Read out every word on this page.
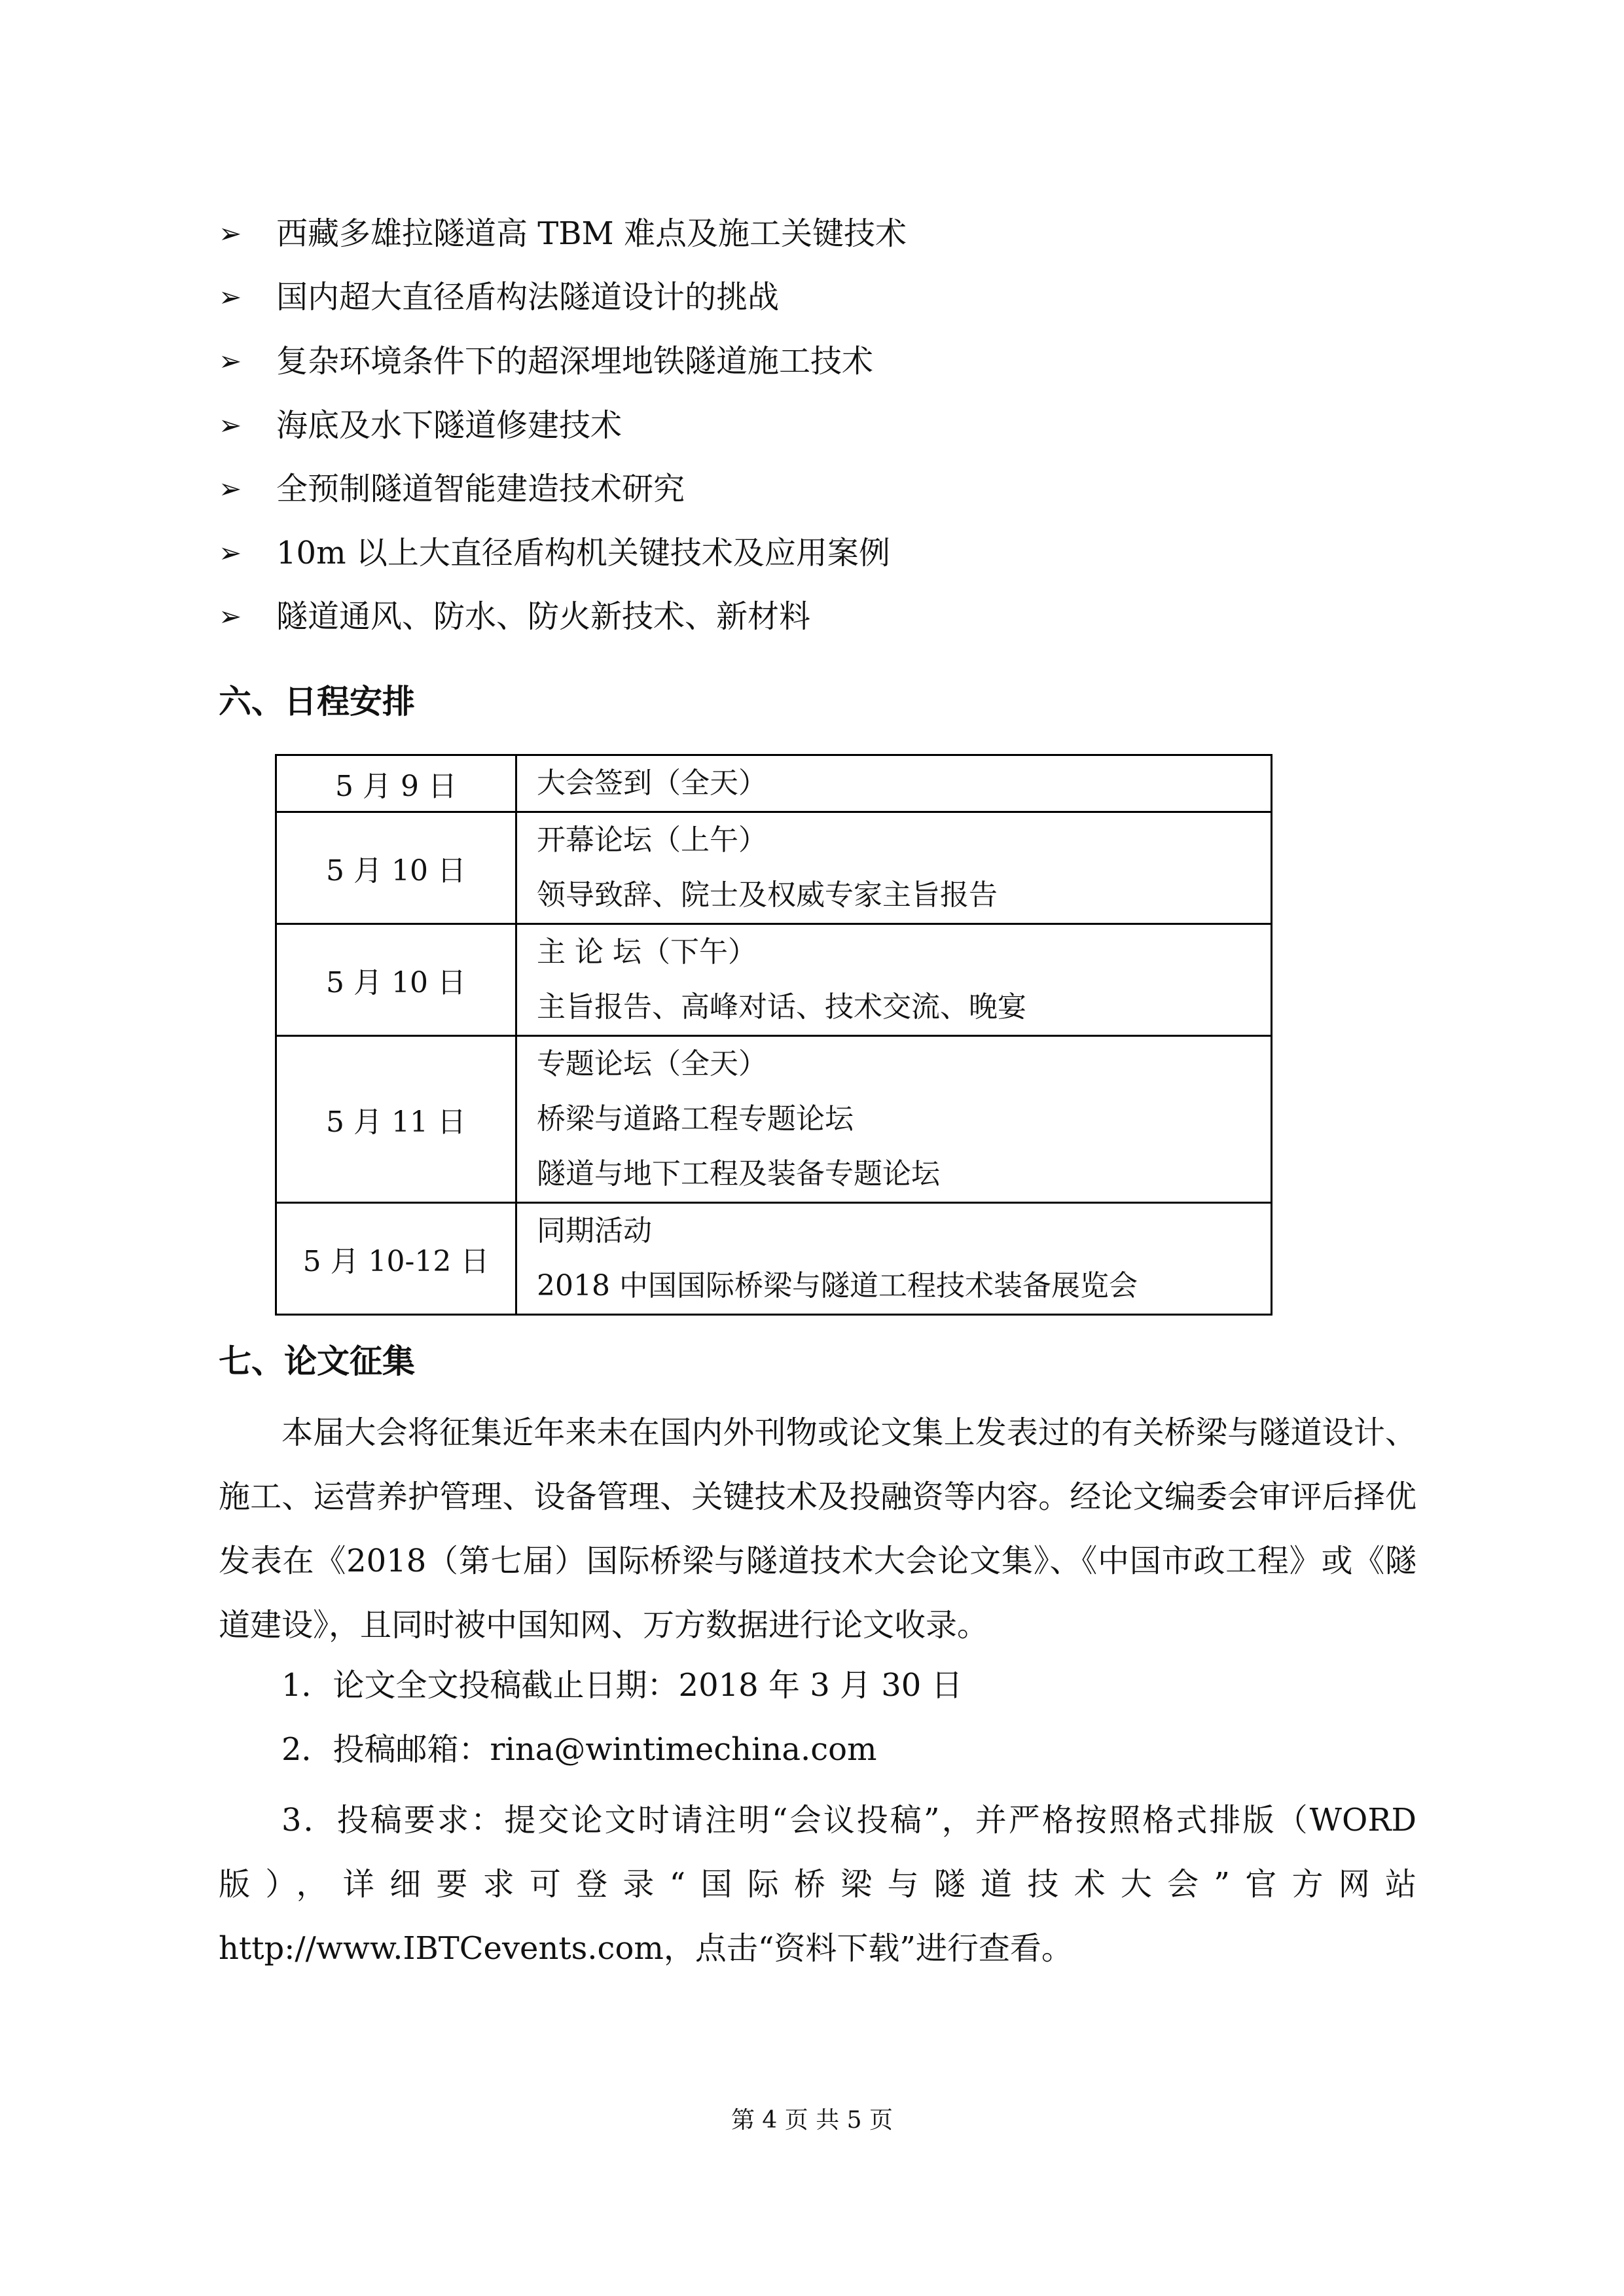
➢	西藏多雄拉隧道高 TBM 难点及施工关键技术
➢	国内超大直径盾构法隧道设计的挑战
➢	复杂环境条件下的超深埋地铁隧道施工技术
➢	海底及水下隧道修建技术
➢	全预制隧道智能建造技术研究
➢	10m 以上大直径盾构机关键技术及应用案例
➢	隧道通风、防水、防火新技术、新材料
六、日程安排
5 月 9 日	大会签到（全天）

5 月 10 日	开幕论坛（上午）
领导致辞、院士及权威专家主旨报告

5 月 10 日	主 论 坛（下午）
主旨报告、高峰对话、技术交流、晚宴

5 月 11 日	专题论坛（全天）
桥梁与道路工程专题论坛
隧道与地下工程及装备专题论坛

5 月 10-12 日	同期活动
2018 中国国际桥梁与隧道工程技术装备展览会
七、论文征集
本届大会将征集近年来未在国内外刊物或论文集上发表过的有关桥梁与隧道设计、施工、运营养护管理、设备管理、关键技术及投融资等内容。经论文编委会审评后择优发表在《2018（第七届）国际桥梁与隧道技术大会论文集》、《中国市政工程》或《隧道建设》，且同时被中国知网、万方数据进行论文收录。
1．论文全文投稿截止日期：2018 年 3 月 30 日
2．投稿邮箱：rina@wintimechina.com
3．投稿要求：提交论文时请注明“会议投稿”，并严格按照格式排版（WORD 版），详细要求可登录“国际桥梁与隧道技术大会”官方网站 http://www.IBTCevents.com，点击“资料下载”进行查看。
第 4 页 共 5 页
